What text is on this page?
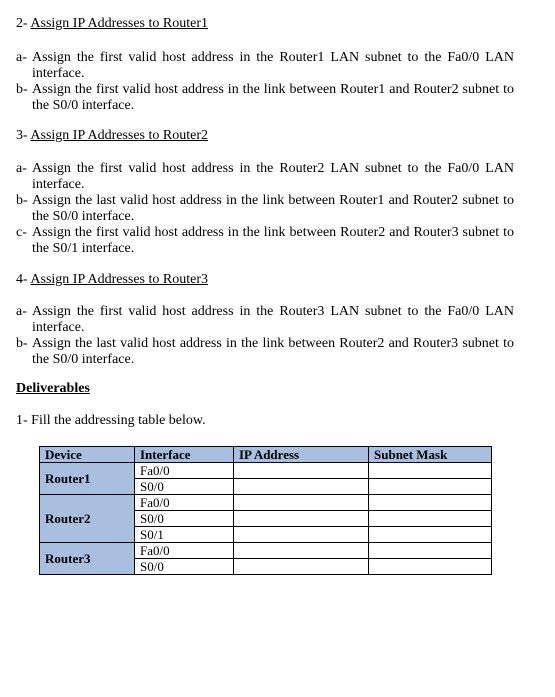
2- Assign IP Addresses to Router1
a- Assign the first valid host address in the Router1 LAN subnet to the Fa0/0 LAN interface.
b- Assign the first valid host address in the link between Router1 and Router2 subnet to the S0/0 interface.
3- Assign IP Addresses to Router2
a- Assign the first valid host address in the Router2 LAN subnet to the Fa0/0 LAN interface.
b- Assign the last valid host address in the link between Router1 and Router2 subnet to the S0/0 interface.
c- Assign the first valid host address in the link between Router2 and Router3 subnet to the S0/1 interface.
4- Assign IP Addresses to Router3
a- Assign the first valid host address in the Router3 LAN subnet to the Fa0/0 LAN interface.
b- Assign the last valid host address in the link between Router2 and Router3 subnet to the S0/0 interface.
Deliverables
1- Fill the addressing table below.
Device	Interface	IP Address	Subnet Mask
Router1	Fa0/0		
	S0/0		
Router2	Fa0/0		
	S0/0		
	S0/1		
Router3	Fa0/0		
	S0/0		
